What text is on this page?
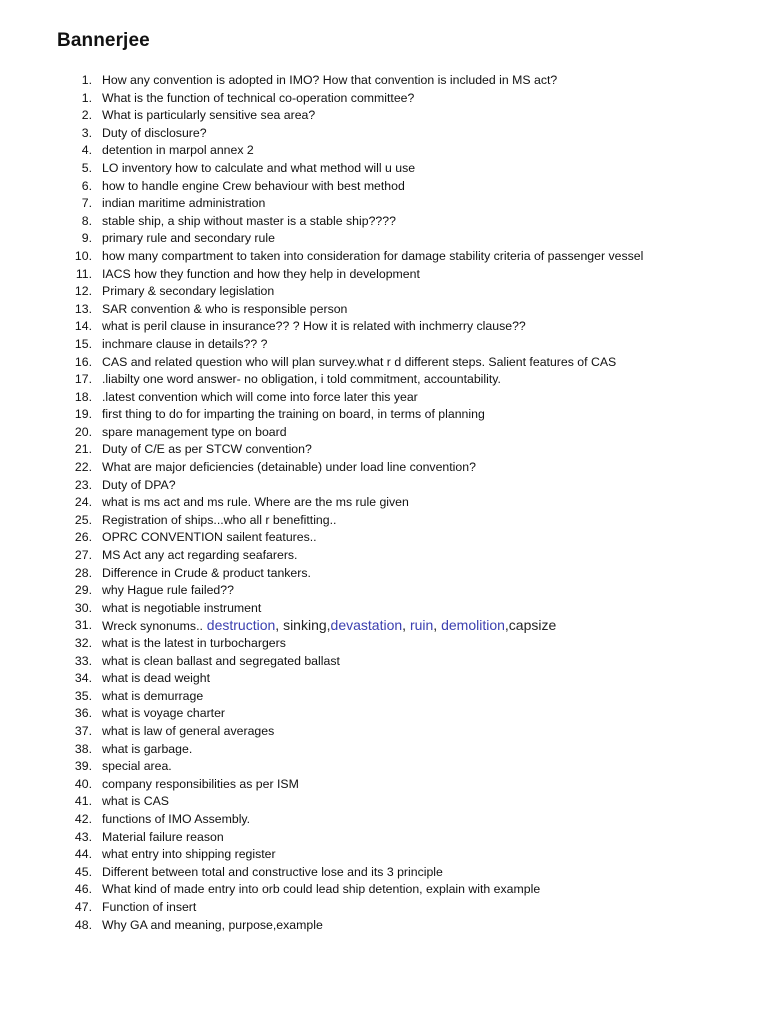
Bannerjee
1. How any convention is adopted in IMO? How that convention is included in MS act?
1. What is the function of technical co-operation committee?
2. What is particularly sensitive sea area?
3. Duty of disclosure?
4. detention in marpol annex 2
5. LO inventory how to calculate and what method will u use
6. how to handle engine Crew behaviour with best method
7. indian maritime administration
8. stable ship, a ship without master is a stable ship????
9. primary rule and secondary rule
10. how many compartment to taken into consideration for damage stability criteria of passenger vessel
11. IACS how they function and how they help in development
12. Primary & secondary legislation
13. SAR convention & who is responsible person
14. what is peril clause in insurance?? ? How it is related with inchmerry clause??
15. inchmare clause in details?? ?
16. CAS and related question who will plan survey.what r d different steps. Salient features of CAS
17. .liabilty one word answer- no obligation, i told commitment, accountability.
18. .latest convention which will come into force later this year
19. first thing to do for imparting the training on board, in terms of planning
20. spare management type on board
21. Duty of C/E as per STCW convention?
22. What are major deficiencies (detainable) under load line convention?
23. Duty of DPA?
24. what is ms act and ms rule. Where are the ms rule given
25. Registration of ships...who all r benefitting..
26. OPRC CONVENTION sailent features..
27. MS Act any act regarding seafarers.
28. Difference in Crude & product tankers.
29. why Hague rule failed??
30. what is negotiable instrument
31. Wreck synonums.. destruction, sinking,devastation, ruin, demolition,capsize
32. what is the latest in turbochargers
33. what is clean ballast and segregated ballast
34. what is dead weight
35. what is demurrage
36. what is voyage charter
37. what is law of general averages
38. what is garbage.
39. special area.
40. company responsibilities as per ISM
41. what is CAS
42. functions of IMO Assembly.
43. Material failure reason
44. what entry into shipping register
45. Different between total and constructive lose and its 3 principle
46. What kind of made entry into orb could lead ship detention, explain with example
47. Function of insert
48. Why GA and meaning, purpose,example
